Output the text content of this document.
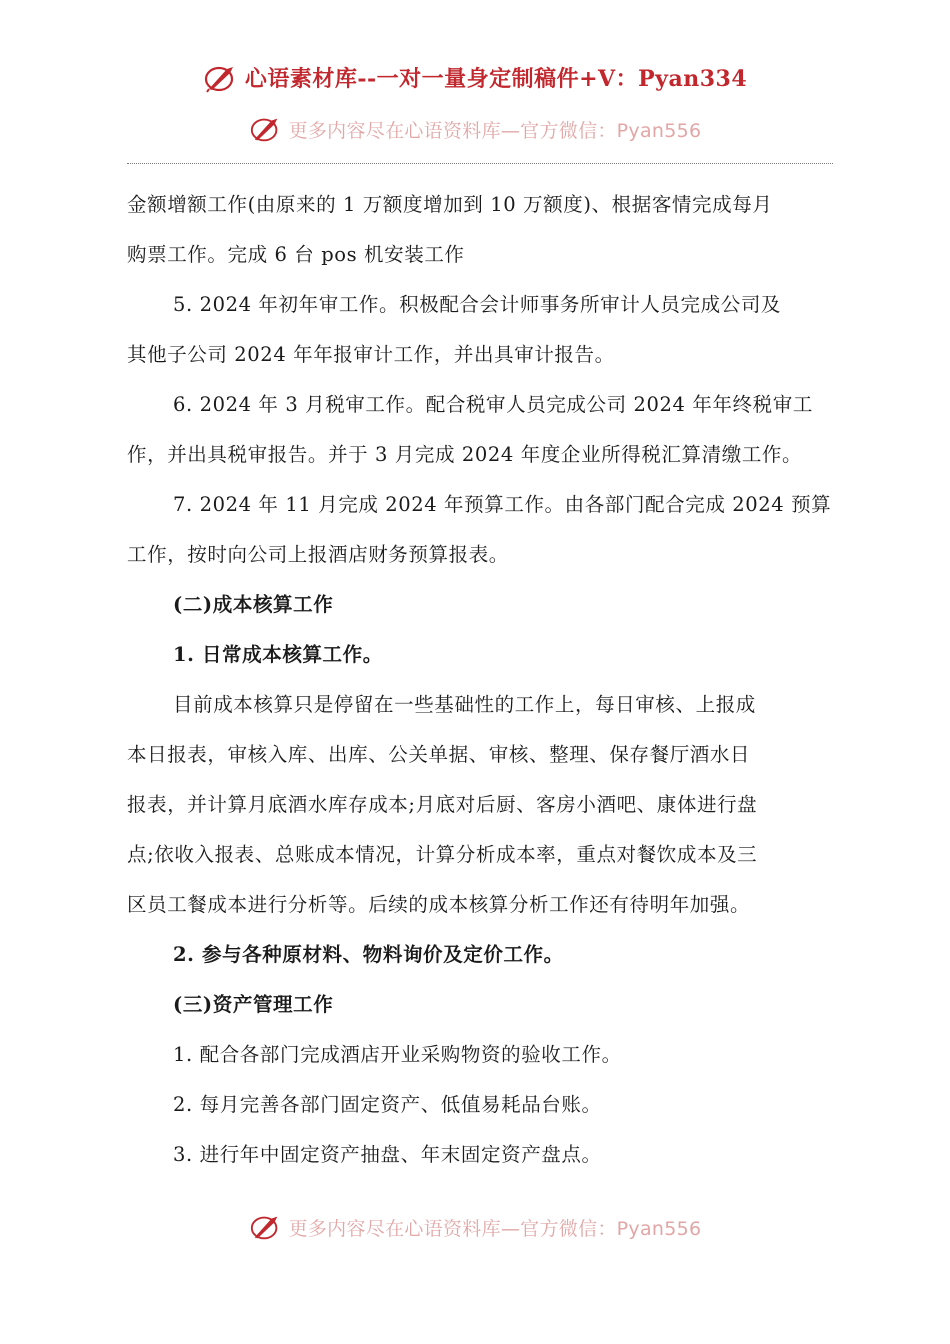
心语素材库--一对一量身定制稿件+V：Pyan334
更多内容尽在心语资料库—官方微信：Pyan556
金额增额工作(由原来的 1 万额度增加到 10 万额度)、根据客情完成每月
购票工作。完成 6 台 pos 机安装工作
5. 2024 年初年审工作。积极配合会计师事务所审计人员完成公司及
其他子公司 2024 年年报审计工作，并出具审计报告。
6. 2024 年 3 月税审工作。配合税审人员完成公司 2024 年年终税审工
作，并出具税审报告。并于 3 月完成 2024 年度企业所得税汇算清缴工作。
7. 2024 年 11 月完成 2024 年预算工作。由各部门配合完成 2024 预算
工作，按时向公司上报酒店财务预算报表。
(二)成本核算工作
1. 日常成本核算工作。
目前成本核算只是停留在一些基础性的工作上，每日审核、上报成
本日报表，审核入库、出库、公关单据、审核、整理、保存餐厅酒水日
报表，并计算月底酒水库存成本;月底对后厨、客房小酒吧、康体进行盘
点;依收入报表、总账成本情况，计算分析成本率，重点对餐饮成本及三
区员工餐成本进行分析等。后续的成本核算分析工作还有待明年加强。
2. 参与各种原材料、物料询价及定价工作。
(三)资产管理工作
1. 配合各部门完成酒店开业采购物资的验收工作。
2. 每月完善各部门固定资产、低值易耗品台账。
3. 进行年中固定资产抽盘、年末固定资产盘点。
更多内容尽在心语资料库—官方微信：Pyan556
